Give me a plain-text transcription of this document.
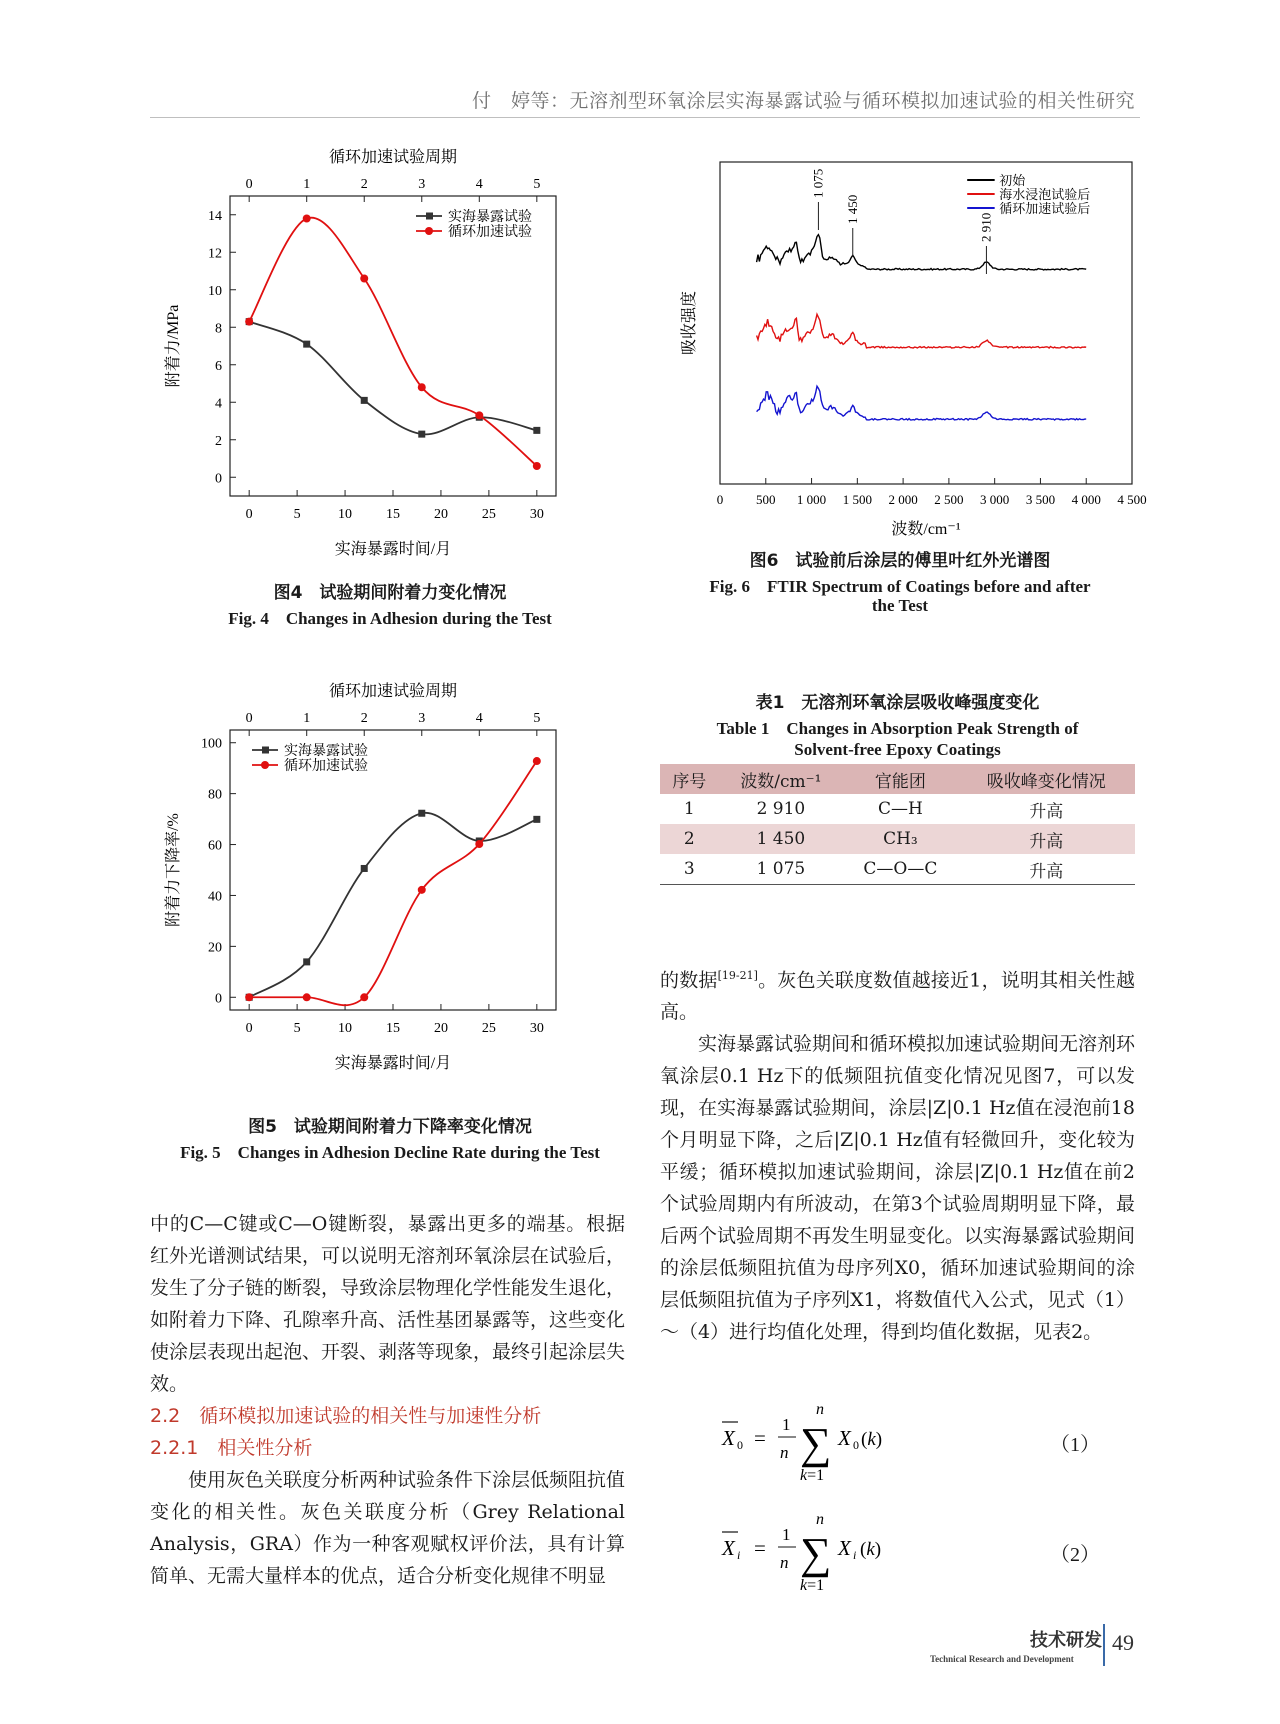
付　婷等：无溶剂型环氧涂层实海暴露试验与循环模拟加速试验的相关性研究
0	5	10 15 20 25 30
0	1	2	3	4	5
0
2
4
6
8
10
12
14
循环加速试验周期
实海暴露时间/月
附着力/MPa
实海暴露试验
循环加速试验
图4　试验期间附着力变化情况
Fig. 4　Changes in Adhesion during the Test
0	500 1 000 1 500 2 000 2 500 3 000 3 500 4 000 4 500
波数/cm⁻¹
吸收强度
初始
海水浸泡试验后
循环加速试验后
1 075
1 450
2 910
图6　试验前后涂层的傅里叶红外光谱图
Fig. 6　FTIR Spectrum of Coatings before and after
the Test
0	5	10 15 20 25 30
0	1	2	3	4	5
0
20
40
60
80
100
循环加速试验周期
实海暴露时间/月
附着力下降率/%
实海暴露试验
循环加速试验
图5　试验期间附着力下降率变化情况
Fig. 5　Changes in Adhesion Decline Rate during the Test
表1　无溶剂环氧涂层吸收峰强度变化
Table 1　Changes in Absorption Peak Strength of
Solvent-free Epoxy Coatings
序号	波数/cm⁻¹	官能团	吸收峰变化情况
1	2 910	C—H	升高
2	1 450	CH₃	升高
3	1 075	C—O—C	升高

中的C—C键或C—O键断裂，暴露出更多的端基。根据红外光谱测试结果，可以说明无溶剂环氧涂层在试验后，发生了分子链的断裂，导致涂层物理化学性能发生退化，如附着力下降、孔隙率升高、活性基团暴露等，这些变化使涂层表现出起泡、开裂、剥落等现象，最终引起涂层失效。

2.2　循环模拟加速试验的相关性与加速性分析

2.2.1　相关性分析

使用灰色关联度分析两种试验条件下涂层低频阻抗值变化的相关性。灰色关联度分析（Grey Relational Analysis，GRA）作为一种客观赋权评价法，具有计算简单、无需大量样本的优点，适合分析变化规律不明显

的数据[19-21]。灰色关联度数值越接近1，说明其相关性越高。

实海暴露试验期间和循环模拟加速试验期间无溶剂环氧涂层0.1 Hz下的低频阻抗值变化情况见图7，可以发现，在实海暴露试验期间，涂层|Z|0.1 Hz值在浸泡前18个月明显下降，之后|Z|0.1 Hz值有轻微回升，变化较为平缓；循环模拟加速试验期间，涂层|Z|0.1 Hz值在前2个试验周期内有所波动，在第3个试验周期明显下降，最后两个试验周期不再发生明显变化。以实海暴露试验期间的涂层低频阻抗值为母序列X0，循环加速试验期间的涂层低频阻抗值为子序列X1，将数值代入公式，见式（1）～（4）进行均值化处理，得到均值化数据，见表2。

X 0 =
1
n
n
∑
k=1
X 0 (k)	（1）
X i =
1
n
n
∑
k=1
X i (k)	（2）
技术研发
Technical Research and Development
49
